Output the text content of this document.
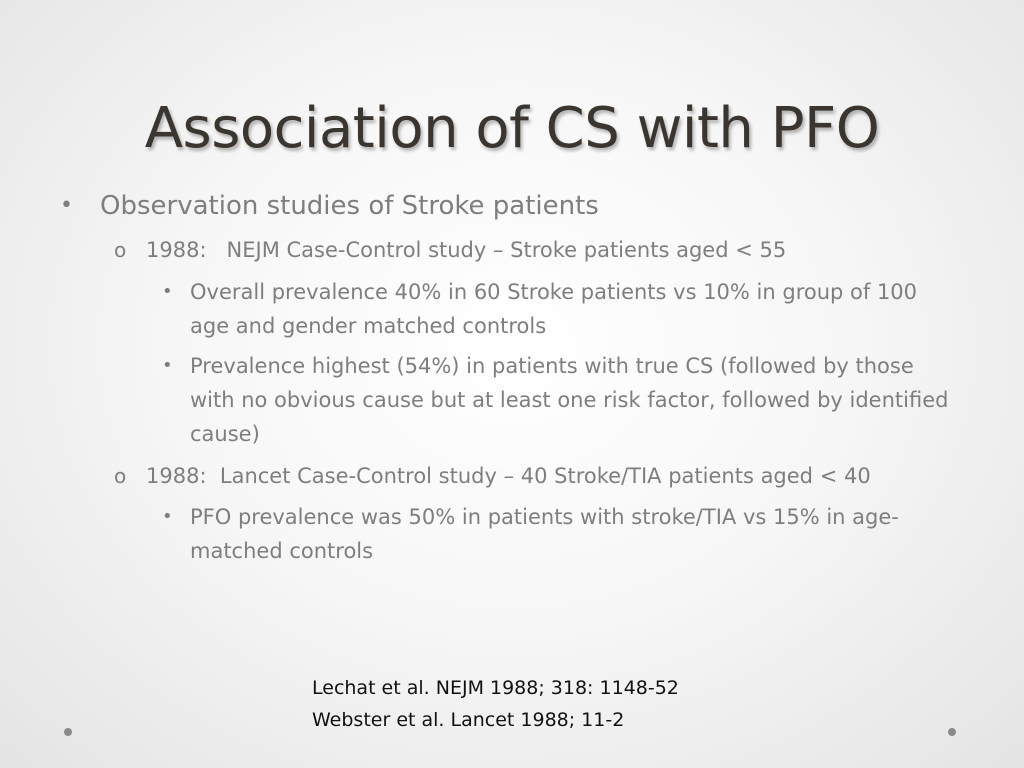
Association of CS with PFO
•	Observation studies of Stroke patients
o 1988:   NEJM Case-Control study – Stroke patients aged < 55
• Overall prevalence 40% in 60 Stroke patients vs 10% in group of 100 age and gender matched controls
• Prevalence highest (54%) in patients with true CS (followed by those with no obvious cause but at least one risk factor, followed by identified cause)
o 1988:  Lancet Case-Control study – 40 Stroke/TIA patients aged < 40
• PFO prevalence was 50% in patients with stroke/TIA vs 15% in age-matched controls
Lechat et al. NEJM 1988; 318: 1148-52
Webster et al. Lancet 1988; 11-2
